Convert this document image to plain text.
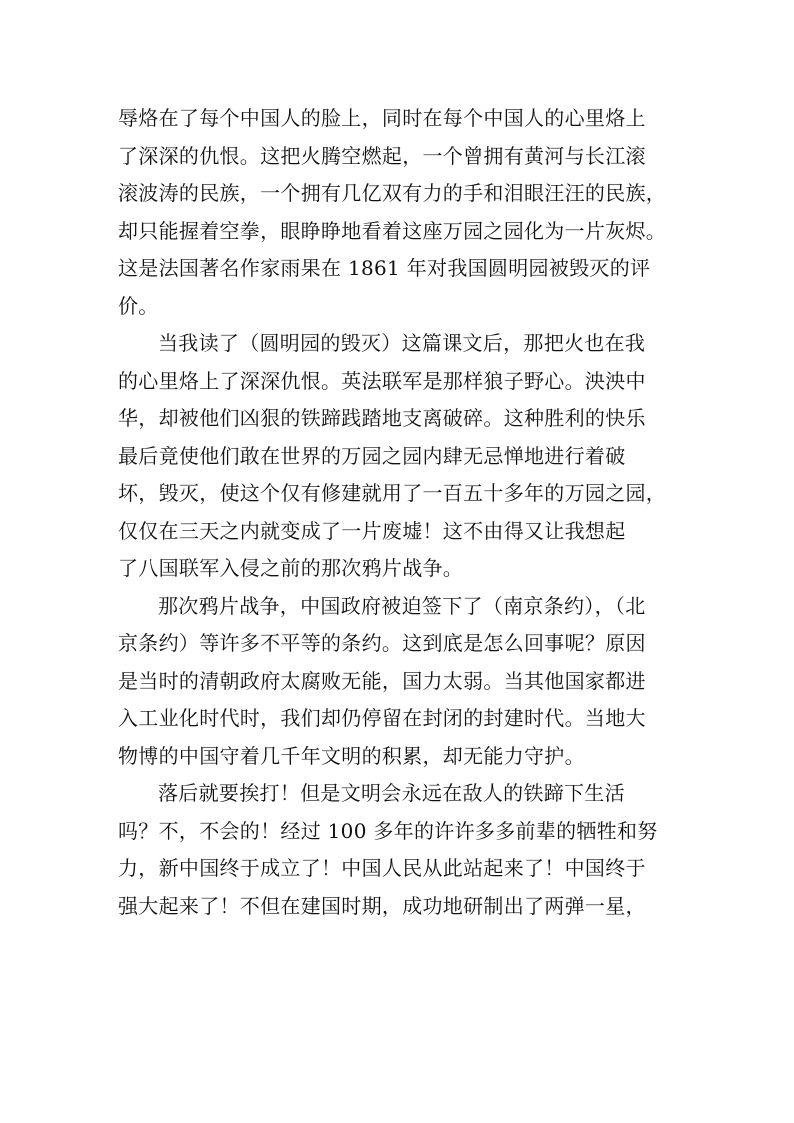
辱烙在了每个中国人的脸上，同时在每个中国人的心里烙上
了深深的仇恨。这把火腾空燃起，一个曾拥有黄河与长江滚
滚波涛的民族，一个拥有几亿双有力的手和泪眼汪汪的民族，
却只能握着空拳，眼睁睁地看着这座万园之园化为一片灰烬。
这是法国著名作家雨果在 1861 年对我国圆明园被毁灭的评
价。
当我读了（圆明园的毁灭）这篇课文后，那把火也在我
的心里烙上了深深仇恨。英法联军是那样狼子野心。泱泱中
华，却被他们凶狠的铁蹄践踏地支离破碎。这种胜利的快乐
最后竟使他们敢在世界的万园之园内肆无忌惮地进行着破
坏，毁灭，使这个仅有修建就用了一百五十多年的万园之园，
仅仅在三天之内就变成了一片废墟！这不由得又让我想起
了八国联军入侵之前的那次鸦片战争。
那次鸦片战争，中国政府被迫签下了（南京条约），（北
京条约）等许多不平等的条约。这到底是怎么回事呢？原因
是当时的清朝政府太腐败无能，国力太弱。当其他国家都进
入工业化时代时，我们却仍停留在封闭的封建时代。当地大
物博的中国守着几千年文明的积累，却无能力守护。
落后就要挨打！但是文明会永远在敌人的铁蹄下生活
吗？不，不会的！经过 100 多年的许许多多前辈的牺牲和努
力，新中国终于成立了！中国人民从此站起来了！中国终于
强大起来了！不但在建国时期，成功地研制出了两弹一星，
